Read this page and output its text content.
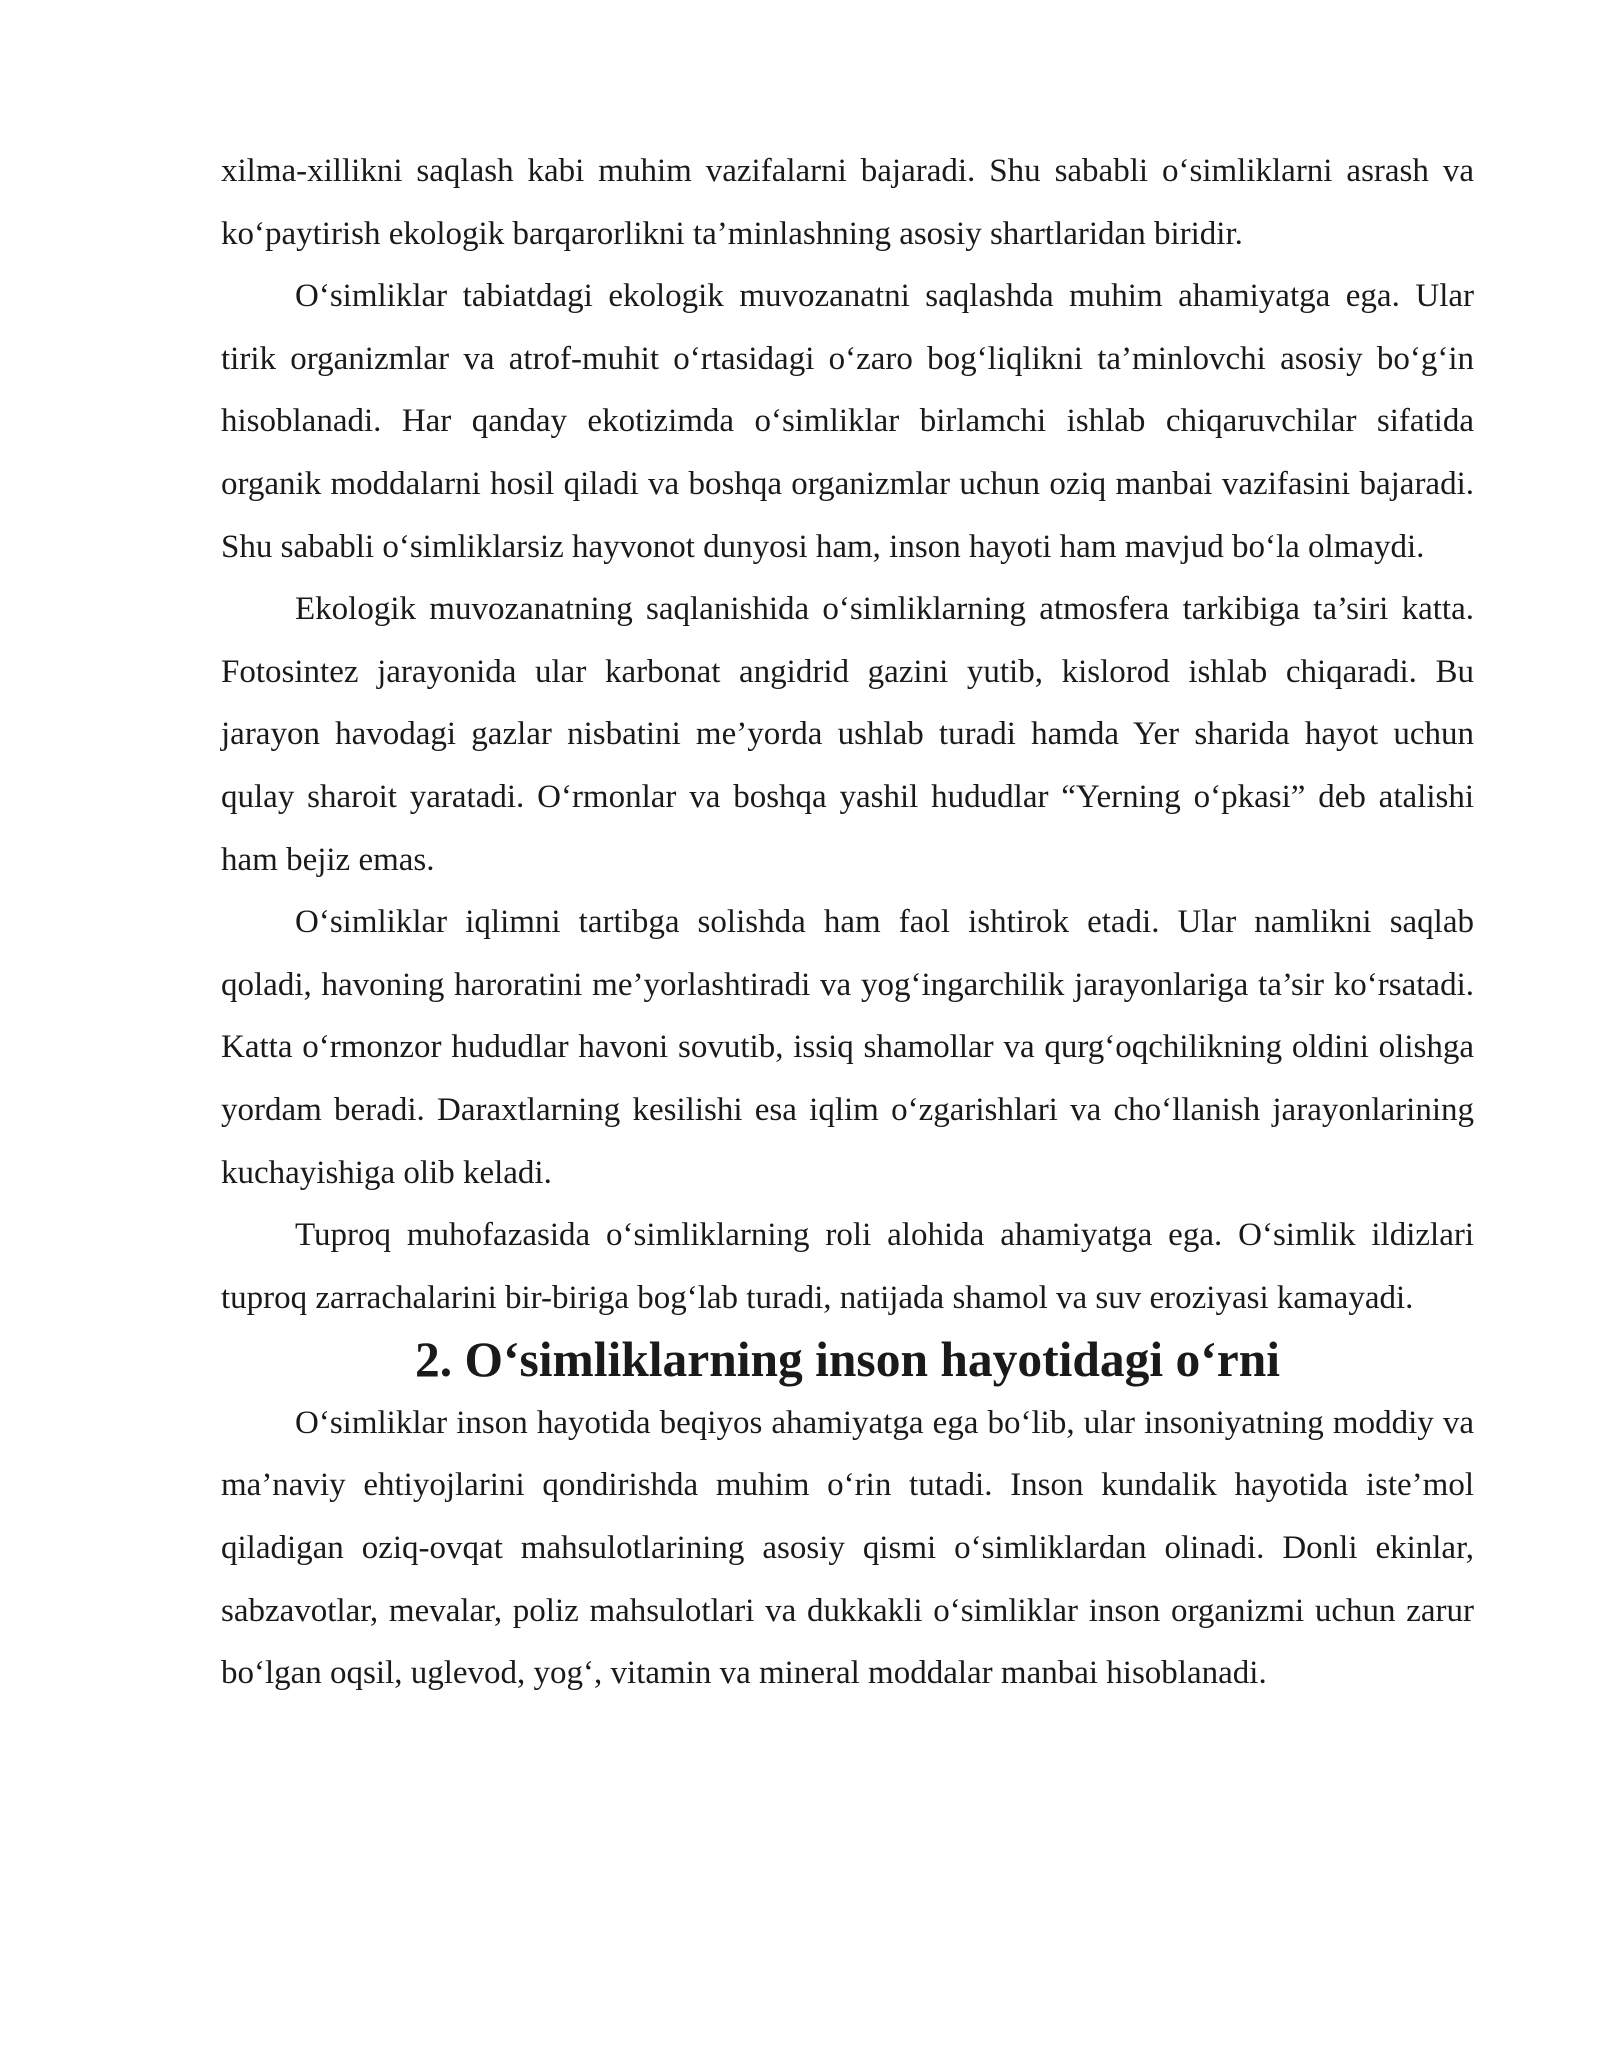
xilma-xillikni saqlash kabi muhim vazifalarni bajaradi. Shu sababli o‘simliklarni asrash va ko‘paytirish ekologik barqarorlikni ta’minlashning asosiy shartlaridan biridir.

O‘simliklar tabiatdagi ekologik muvozanatni saqlashda muhim ahamiyatga ega. Ular tirik organizmlar va atrof-muhit o‘rtasidagi o‘zaro bog‘liqlikni ta’minlovchi asosiy bo‘g‘in hisoblanadi. Har qanday ekotizimda o‘simliklar birlamchi ishlab chiqaruvchilar sifatida organik moddalarni hosil qiladi va boshqa organizmlar uchun oziq manbai vazifasini bajaradi. Shu sababli o‘simliklarsiz hayvonot dunyosi ham, inson hayoti ham mavjud bo‘la olmaydi.

Ekologik muvozanatning saqlanishida o‘simliklarning atmosfera tarkibiga ta’siri katta. Fotosintez jarayonida ular karbonat angidrid gazini yutib, kislorod ishlab chiqaradi. Bu jarayon havodagi gazlar nisbatini me’yorda ushlab turadi hamda Yer sharida hayot uchun qulay sharoit yaratadi. O‘rmonlar va boshqa yashil hududlar “Yerning o‘pkasi” deb atalishi ham bejiz emas.

O‘simliklar iqlimni tartibga solishda ham faol ishtirok etadi. Ular namlikni saqlab qoladi, havoning haroratini me’yorlashtiradi va yog‘ingarchilik jarayonlariga ta’sir ko‘rsatadi. Katta o‘rmonzor hududlar havoni sovutib, issiq shamollar va qurg‘oqchilikning oldini olishga yordam beradi. Daraxtlarning kesilishi esa iqlim o‘zgarishlari va cho‘llanish jarayonlarining kuchayishiga olib keladi.

Tuproq muhofazasida o‘simliklarning roli alohida ahamiyatga ega. O‘simlik ildizlari tuproq zarrachalarini bir-biriga bog‘lab turadi, natijada shamol va suv eroziyasi kamayadi.

2. O‘simliklarning inson hayotidagi o‘rni

O‘simliklar inson hayotida beqiyos ahamiyatga ega bo‘lib, ular insoniyatning moddiy va ma’naviy ehtiyojlarini qondirishda muhim o‘rin tutadi. Inson kundalik hayotida iste’mol qiladigan oziq-ovqat mahsulotlarining asosiy qismi o‘simliklardan olinadi. Donli ekinlar, sabzavotlar, mevalar, poliz mahsulotlari va dukkakli o‘simliklar inson organizmi uchun zarur bo‘lgan oqsil, uglevod, yog‘, vitamin va mineral moddalar manbai hisoblanadi.
